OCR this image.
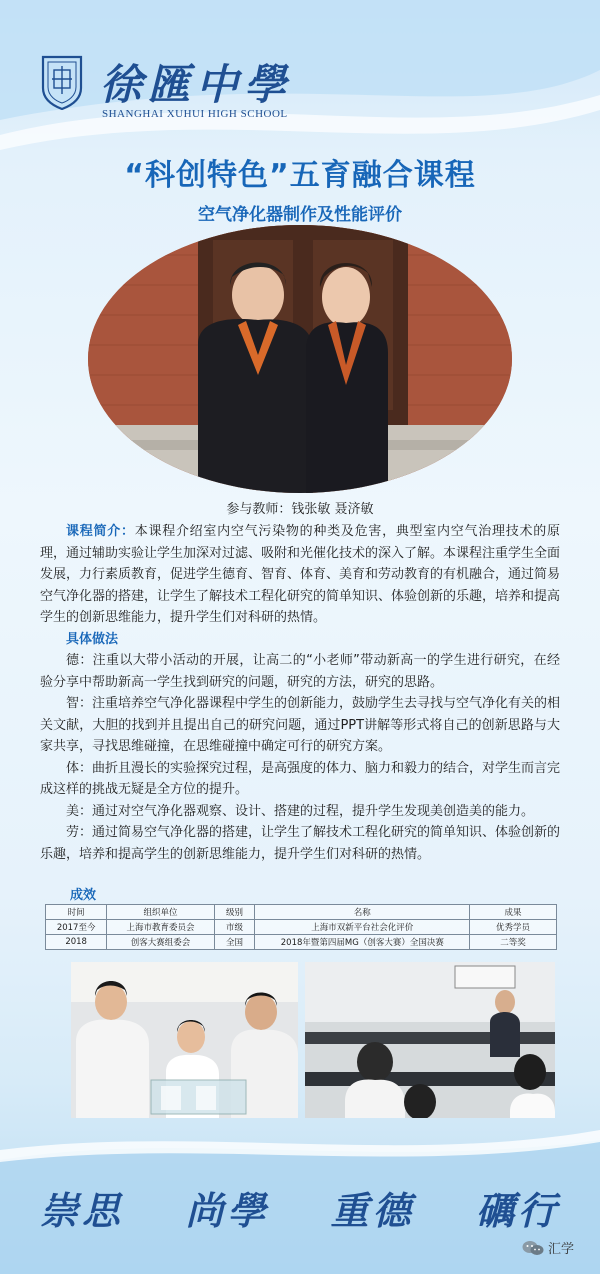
徐匯中學
SHANGHAI XUHUI HIGH SCHOOL
“科创特色”五育融合课程
空气净化器制作及性能评价
参与教师：钱张敏 聂济敏

课程简介：本课程介绍室内空气污染物的种类及危害，典型室内空气治理技术的原理，通过辅助实验让学生加深对过滤、吸附和光催化技术的深入了解。本课程注重学生全面发展，力行素质教育，促进学生德育、智育、体育、美育和劳动教育的有机融合，通过简易空气净化器的搭建，让学生了解技术工程化研究的简单知识、体验创新的乐趣，培养和提高学生的创新思维能力，提升学生们对科研的热情。

具体做法

德：注重以大带小活动的开展，让高二的“小老师”带动新高一的学生进行研究，在经验分享中帮助新高一学生找到研究的问题，研究的方法，研究的思路。

智：注重培养空气净化器课程中学生的创新能力，鼓励学生去寻找与空气净化有关的相关文献，大胆的找到并且提出自己的研究问题，通过PPT讲解等形式将自己的创新思路与大家共享，寻找思维碰撞，在思维碰撞中确定可行的研究方案。

体：曲折且漫长的实验探究过程，是高强度的体力、脑力和毅力的结合，对学生而言完成这样的挑战无疑是全方位的提升。

美：通过对空气净化器观察、设计、搭建的过程，提升学生发现美创造美的能力。

劳：通过简易空气净化器的搭建，让学生了解技术工程化研究的简单知识、体验创新的乐趣，培养和提高学生的创新思维能力，提升学生们对科研的热情。

成效
时间	组织单位	级别	名称	成果
2017至今	上海市教育委员会	市级	上海市双新平台社会化评价	优秀学员
2018	创客大赛组委会	全国	2018年暨第四届MG（创客大赛）全国决赛	二等奖
崇思 尚學 重德 礪行
汇学
